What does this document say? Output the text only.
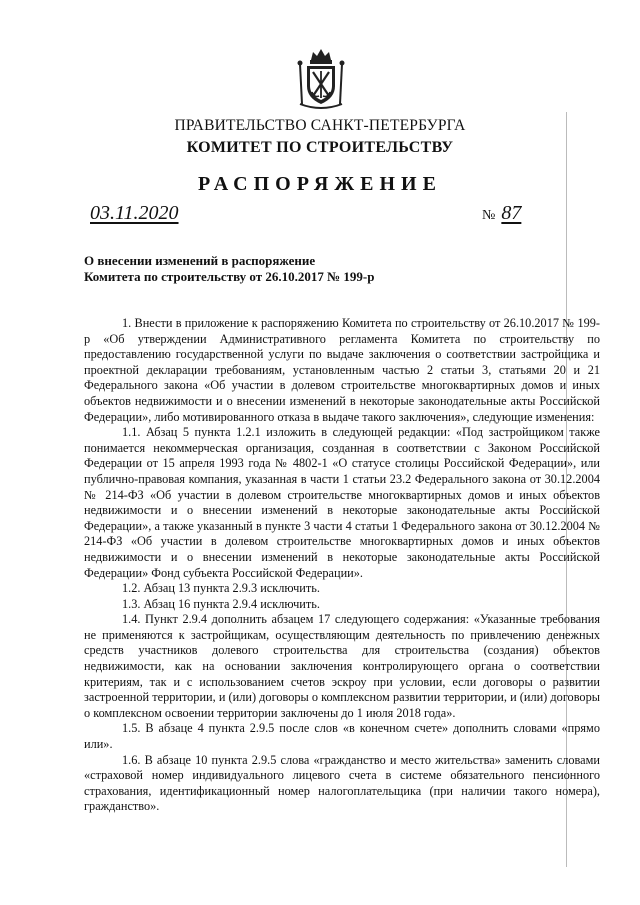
ПРАВИТЕЛЬСТВО САНКТ-ПЕТЕРБУРГА
КОМИТЕТ ПО СТРОИТЕЛЬСТВУ
РАСПОРЯЖЕНИЕ
03.11.2020	№ 87
О внесении изменений в распоряжение
Комитета по строительству от 26.10.2017 № 199-р

1. Внести в приложение к распоряжению Комитета по строительству от 26.10.2017 № 199-р «Об утверждении Административного регламента Комитета по строительству по предоставлению государственной услуги по выдаче заключения о соответствии застройщика и проектной декларации требованиям, установленным частью 2 статьи 3, статьями 20 и 21 Федерального закона «Об участии в долевом строительстве многоквартирных домов и иных объектов недвижимости и о внесении изменений в некоторые законодательные акты Российской Федерации», либо мотивированного отказа в выдаче такого заключения», следующие изменения:

1.1. Абзац 5 пункта 1.2.1 изложить в следующей редакции: «Под застройщиком также понимается некоммерческая организация, созданная в соответствии с Законом Российской Федерации от 15 апреля 1993 года № 4802-1 «О статусе столицы Российской Федерации», или публично-правовая компания, указанная в части 1 статьи 23.2 Федерального закона от 30.12.2004 № 214-ФЗ «Об участии в долевом строительстве многоквартирных домов и иных объектов недвижимости и о внесении изменений в некоторые законодательные акты Российской Федерации», а также указанный в пункте 3 части 4 статьи 1 Федерального закона от 30.12.2004 № 214-ФЗ «Об участии в долевом строительстве многоквартирных домов и иных объектов недвижимости и о внесении изменений в некоторые законодательные акты Российской Федерации» Фонд субъекта Российской Федерации».

1.2. Абзац 13 пункта 2.9.3 исключить.

1.3. Абзац 16 пункта 2.9.4 исключить.

1.4. Пункт 2.9.4 дополнить абзацем 17 следующего содержания: «Указанные требования не применяются к застройщикам, осуществляющим деятельность по привлечению денежных средств участников долевого строительства для строительства (создания) объектов недвижимости, как на основании заключения контролирующего органа о соответствии критериям, так и с использованием счетов эскроу при условии, если договоры о развитии застроенной территории, и (или) договоры о комплексном развитии территории, и (или) договоры о комплексном освоении территории заключены до 1 июля 2018 года».

1.5. В абзаце 4 пункта 2.9.5 после слов «в конечном счете» дополнить словами «прямо или».

1.6. В абзаце 10 пункта 2.9.5 слова «гражданство и место жительства» заменить словами «страховой номер индивидуального лицевого счета в системе обязательного пенсионного страхования, идентификационный номер налогоплательщика (при наличии такого номера), гражданство».
